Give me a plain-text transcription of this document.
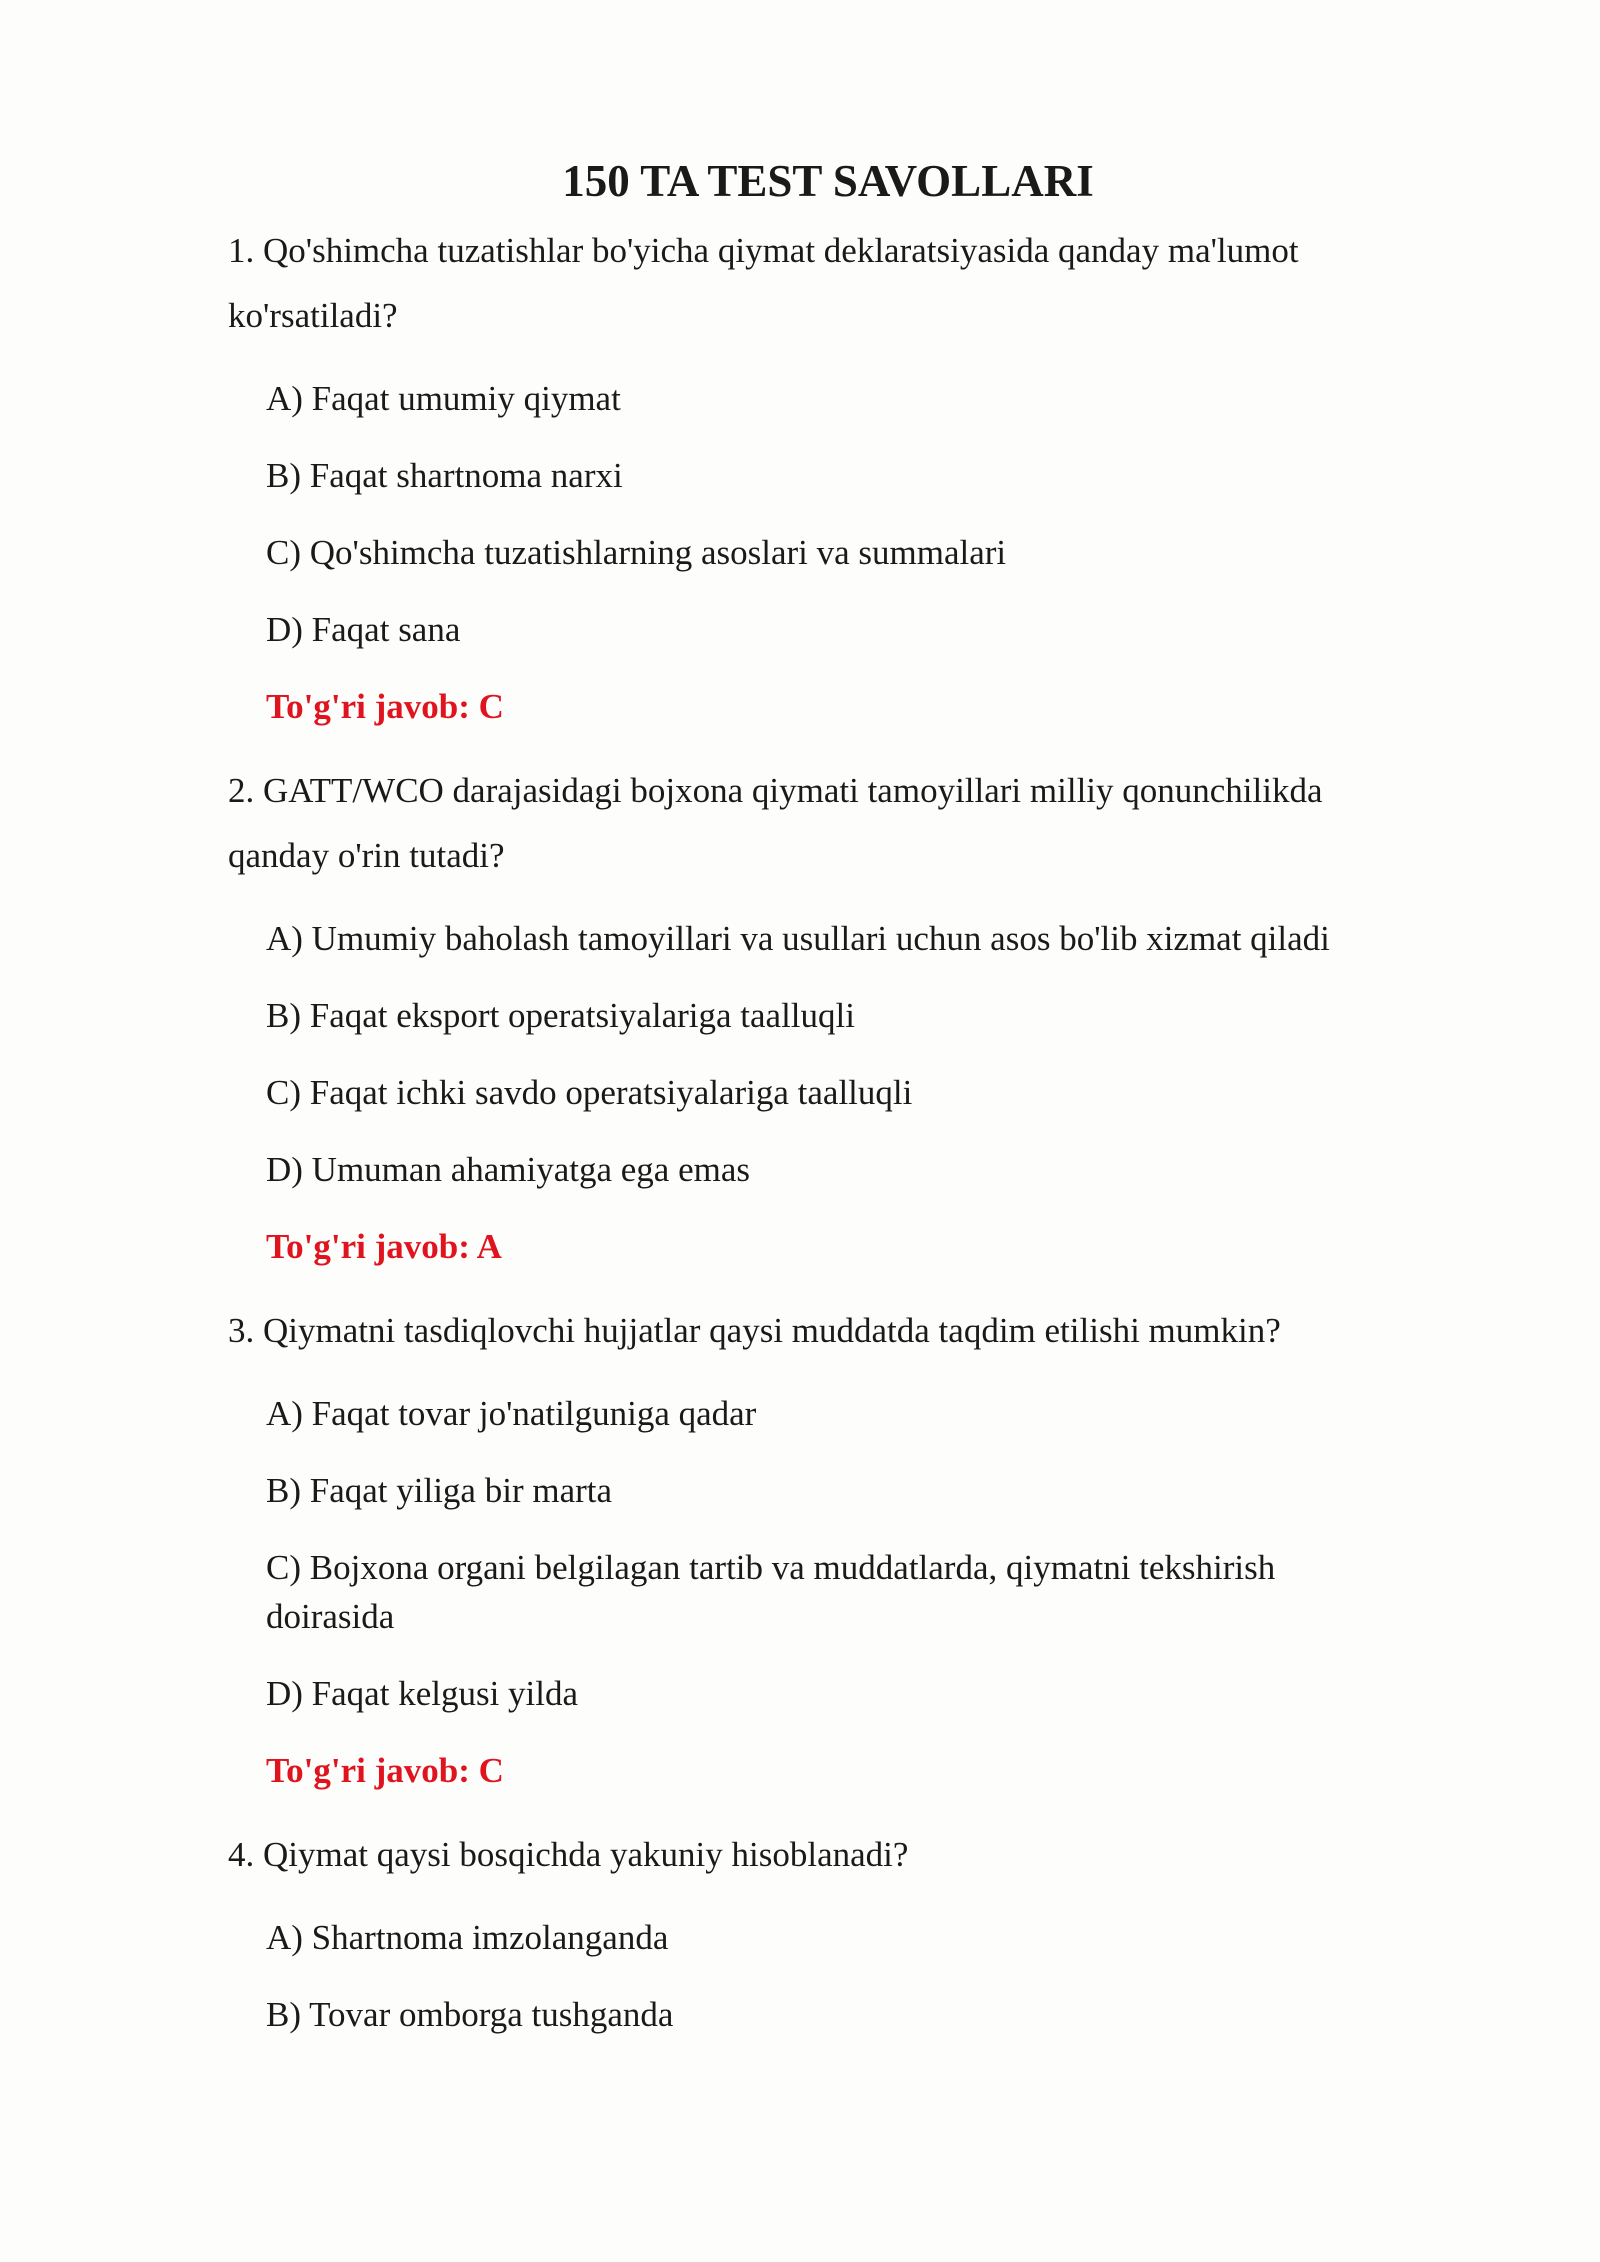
150 TA TEST SAVOLLARI

1. Qo'shimcha tuzatishlar bo'yicha qiymat deklaratsiyasida qanday ma'lumot ko'rsatiladi?

A) Faqat umumiy qiymat
B) Faqat shartnoma narxi
C) Qo'shimcha tuzatishlarning asoslari va summalari
D) Faqat sana

To'g'ri javob: C

2. GATT/WCO darajasidagi bojxona qiymati tamoyillari milliy qonunchilikda qanday o'rin tutadi?

A) Umumiy baholash tamoyillari va usullari uchun asos bo'lib xizmat qiladi
B) Faqat eksport operatsiyalariga taalluqli
C) Faqat ichki savdo operatsiyalariga taalluqli
D) Umuman ahamiyatga ega emas

To'g'ri javob: A

3. Qiymatni tasdiqlovchi hujjatlar qaysi muddatda taqdim etilishi mumkin?

A) Faqat tovar jo'natilguniga qadar
B) Faqat yiliga bir marta
C) Bojxona organi belgilagan tartib va muddatlarda, qiymatni tekshirish doirasida
D) Faqat kelgusi yilda

To'g'ri javob: C

4. Qiymat qaysi bosqichda yakuniy hisoblanadi?

A) Shartnoma imzolanganda
B) Tovar omborga tushganda
